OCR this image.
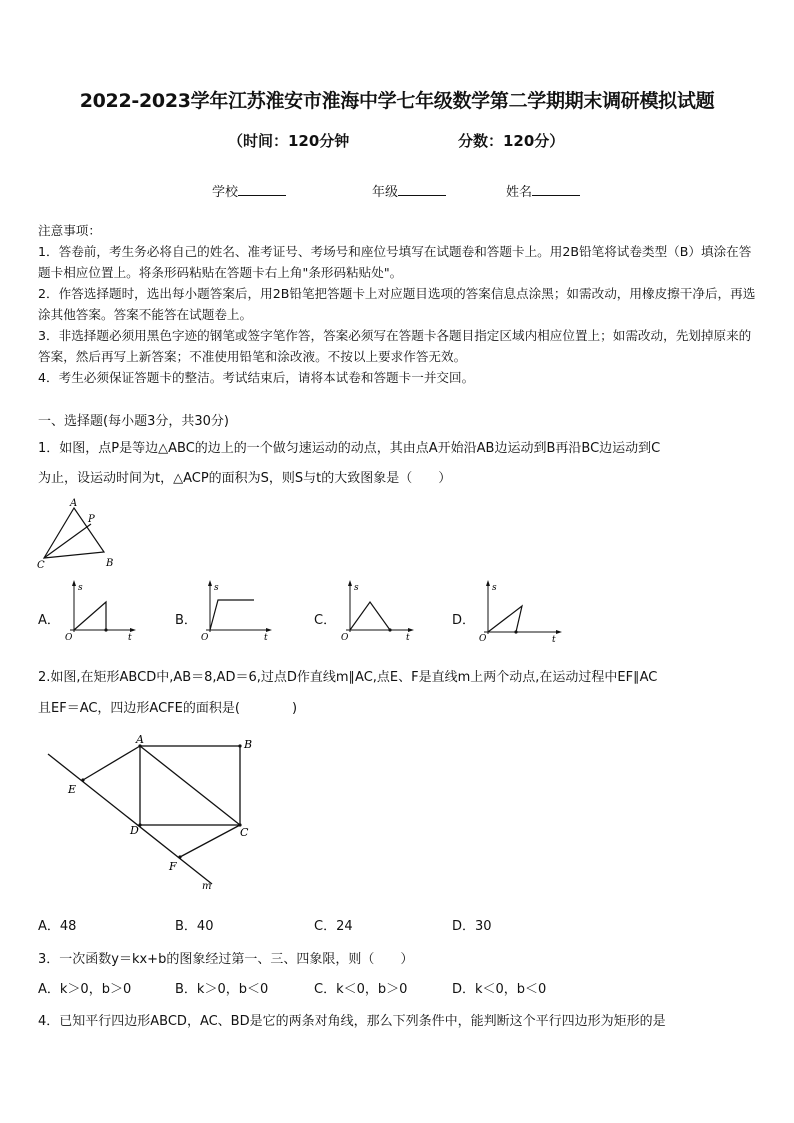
2022-2023学年江苏淮安市淮海中学七年级数学第二学期期末调研模拟试题
（时间：120分钟	分数：120分）
学校	年级	姓名
注意事项：
1．答卷前，考生务必将自己的姓名、准考证号、考场号和座位号填写在试题卷和答题卡上。用2B铅笔将试卷类型（B）填涂在答题卡相应位置上。将条形码粘贴在答题卡右上角"条形码粘贴处"。
2．作答选择题时，选出每小题答案后，用2B铅笔把答题卡上对应题目选项的答案信息点涂黑；如需改动，用橡皮擦干净后，再选涂其他答案。答案不能答在试题卷上。
3．非选择题必须用黑色字迹的钢笔或签字笔作答，答案必须写在答题卡各题目指定区域内相应位置上；如需改动，先划掉原来的答案，然后再写上新答案；不准使用铅笔和涂改液。不按以上要求作答无效。
4．考生必须保证答题卡的整洁。考试结束后，请将本试卷和答题卡一并交回。
一、选择题(每小题3分，共30分)
1．如图，点P是等边△ABC的边上的一个做匀速运动的动点，其由点A开始沿AB边运动到B再沿BC边运动到C
为止，设运动时间为t，△ACP的面积为S，则S与t的大致图象是（　　）
A
P
C	B
A．	B．	C．	D．
s
O	t
s
O	t
s
O	t
s
O	t
2.如图,在矩形ABCD中,AB＝8,AD＝6,过点D作直线m∥AC,点E、F是直线m上两个动点,在运动过程中EF∥AC
且EF＝AC，四边形ACFE的面积是(　　　　)
A	B
C
D
E
F
m
A．48	B．40	C．24	D．30
3．一次函数y＝kx+b的图象经过第一、三、四象限，则（　　）
A．k＞0，b＞0	B．k＞0，b＜0	C．k＜0，b＞0	D．k＜0，b＜0
4．已知平行四边形ABCD，AC、BD是它的两条对角线，那么下列条件中，能判断这个平行四边形为矩形的是
